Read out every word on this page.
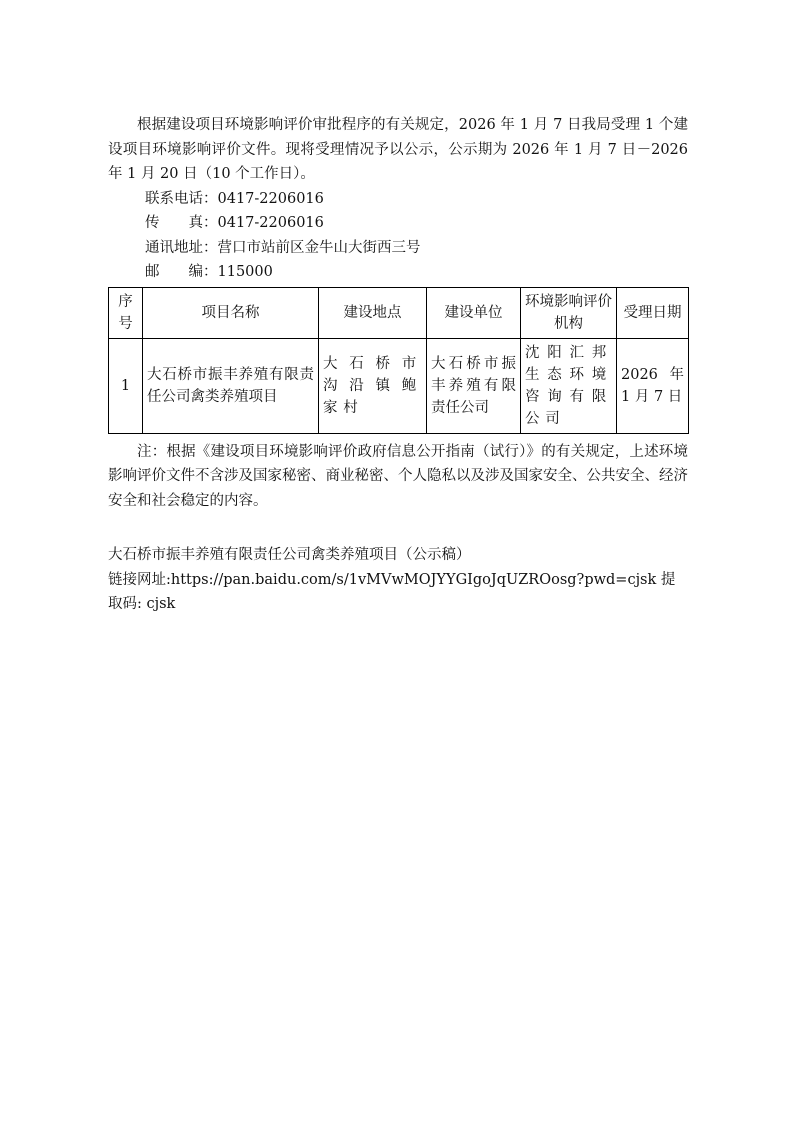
根据建设项目环境影响评价审批程序的有关规定，2026 年 1 月 7 日我局受理 1 个建设项目环境影响评价文件。现将受理情况予以公示，公示期为 2026 年 1 月 7 日－2026 年 1 月 20 日（10 个工作日）。

联系电话：0417-2206016

传　　真：0417-2206016

通讯地址：营口市站前区金牛山大街西三号

邮　　编：115000

序号	项目名称	建设地点	建设单位	环境影响评价机构	受理日期
1	大石桥市振丰养殖有限责任公司禽类养殖项目	大石桥市沟沿镇鲍家村	大石桥市振丰养殖有限责任公司	沈阳汇邦生态环境咨询有限公司	2026 年 1 月 7 日

注：根据《建设项目环境影响评价政府信息公开指南（试行）》的有关规定，上述环境影响评价文件不含涉及国家秘密、商业秘密、个人隐私以及涉及国家安全、公共安全、经济安全和社会稳定的内容。

大石桥市振丰养殖有限责任公司禽类养殖项目（公示稿）

链接网址:https://pan.baidu.com/s/1vMVwMOJYYGIgoJqUZROosg?pwd=cjsk 提取码: cjsk
